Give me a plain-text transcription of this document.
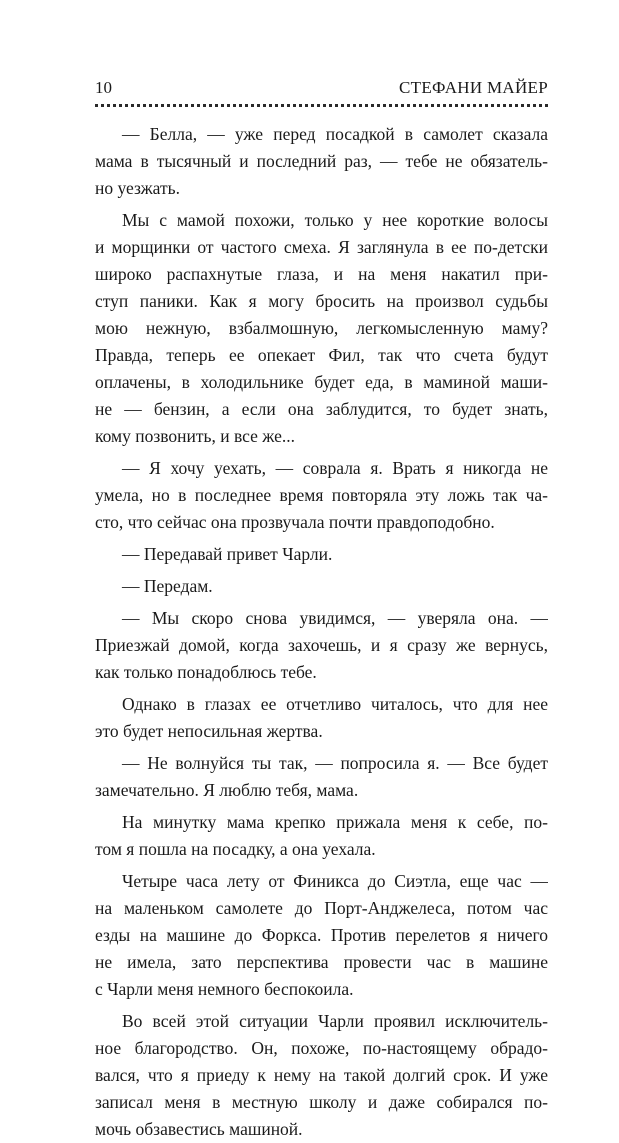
10	СТЕФАНИ МАЙЕР
— Белла, — уже перед посадкой в самолет сказала
мама в тысячный и последний раз, — тебе не обязатель-
но уезжать.
Мы с мамой похожи, только у нее короткие волосы
и морщинки от частого смеха. Я заглянула в ее по-детски
широко распахнутые глаза, и на меня накатил при-
ступ паники. Как я могу бросить на произвол судьбы
мою нежную, взбалмошную, легкомысленную маму?
Правда, теперь ее опекает Фил, так что счета будут
оплачены, в холодильнике будет еда, в маминой маши-
не — бензин, а если она заблудится, то будет знать,
кому позвонить, и все же...
— Я хочу уехать, — соврала я. Врать я никогда не
умела, но в последнее время повторяла эту ложь так ча-
сто, что сейчас она прозвучала почти правдоподобно.
— Передавай привет Чарли.
— Передам.
— Мы скоро снова увидимся, — уверяла она. —
Приезжай домой, когда захочешь, и я сразу же вернусь,
как только понадоблюсь тебе.
Однако в глазах ее отчетливо читалось, что для нее
это будет непосильная жертва.
— Не волнуйся ты так, — попросила я. — Все будет
замечательно. Я люблю тебя, мама.
На минутку мама крепко прижала меня к себе, по-
том я пошла на посадку, а она уехала.
Четыре часа лету от Финикса до Сиэтла, еще час —
на маленьком самолете до Порт-Анджелеса, потом час
езды на машине до Форкса. Против перелетов я ничего
не имела, зато перспектива провести час в машине
с Чарли меня немного беспокоила.
Во всей этой ситуации Чарли проявил исключитель-
ное благородство. Он, похоже, по-настоящему обрадо-
вался, что я приеду к нему на такой долгий срок. И уже
записал меня в местную школу и даже собирался по-
мочь обзавестись машиной.
